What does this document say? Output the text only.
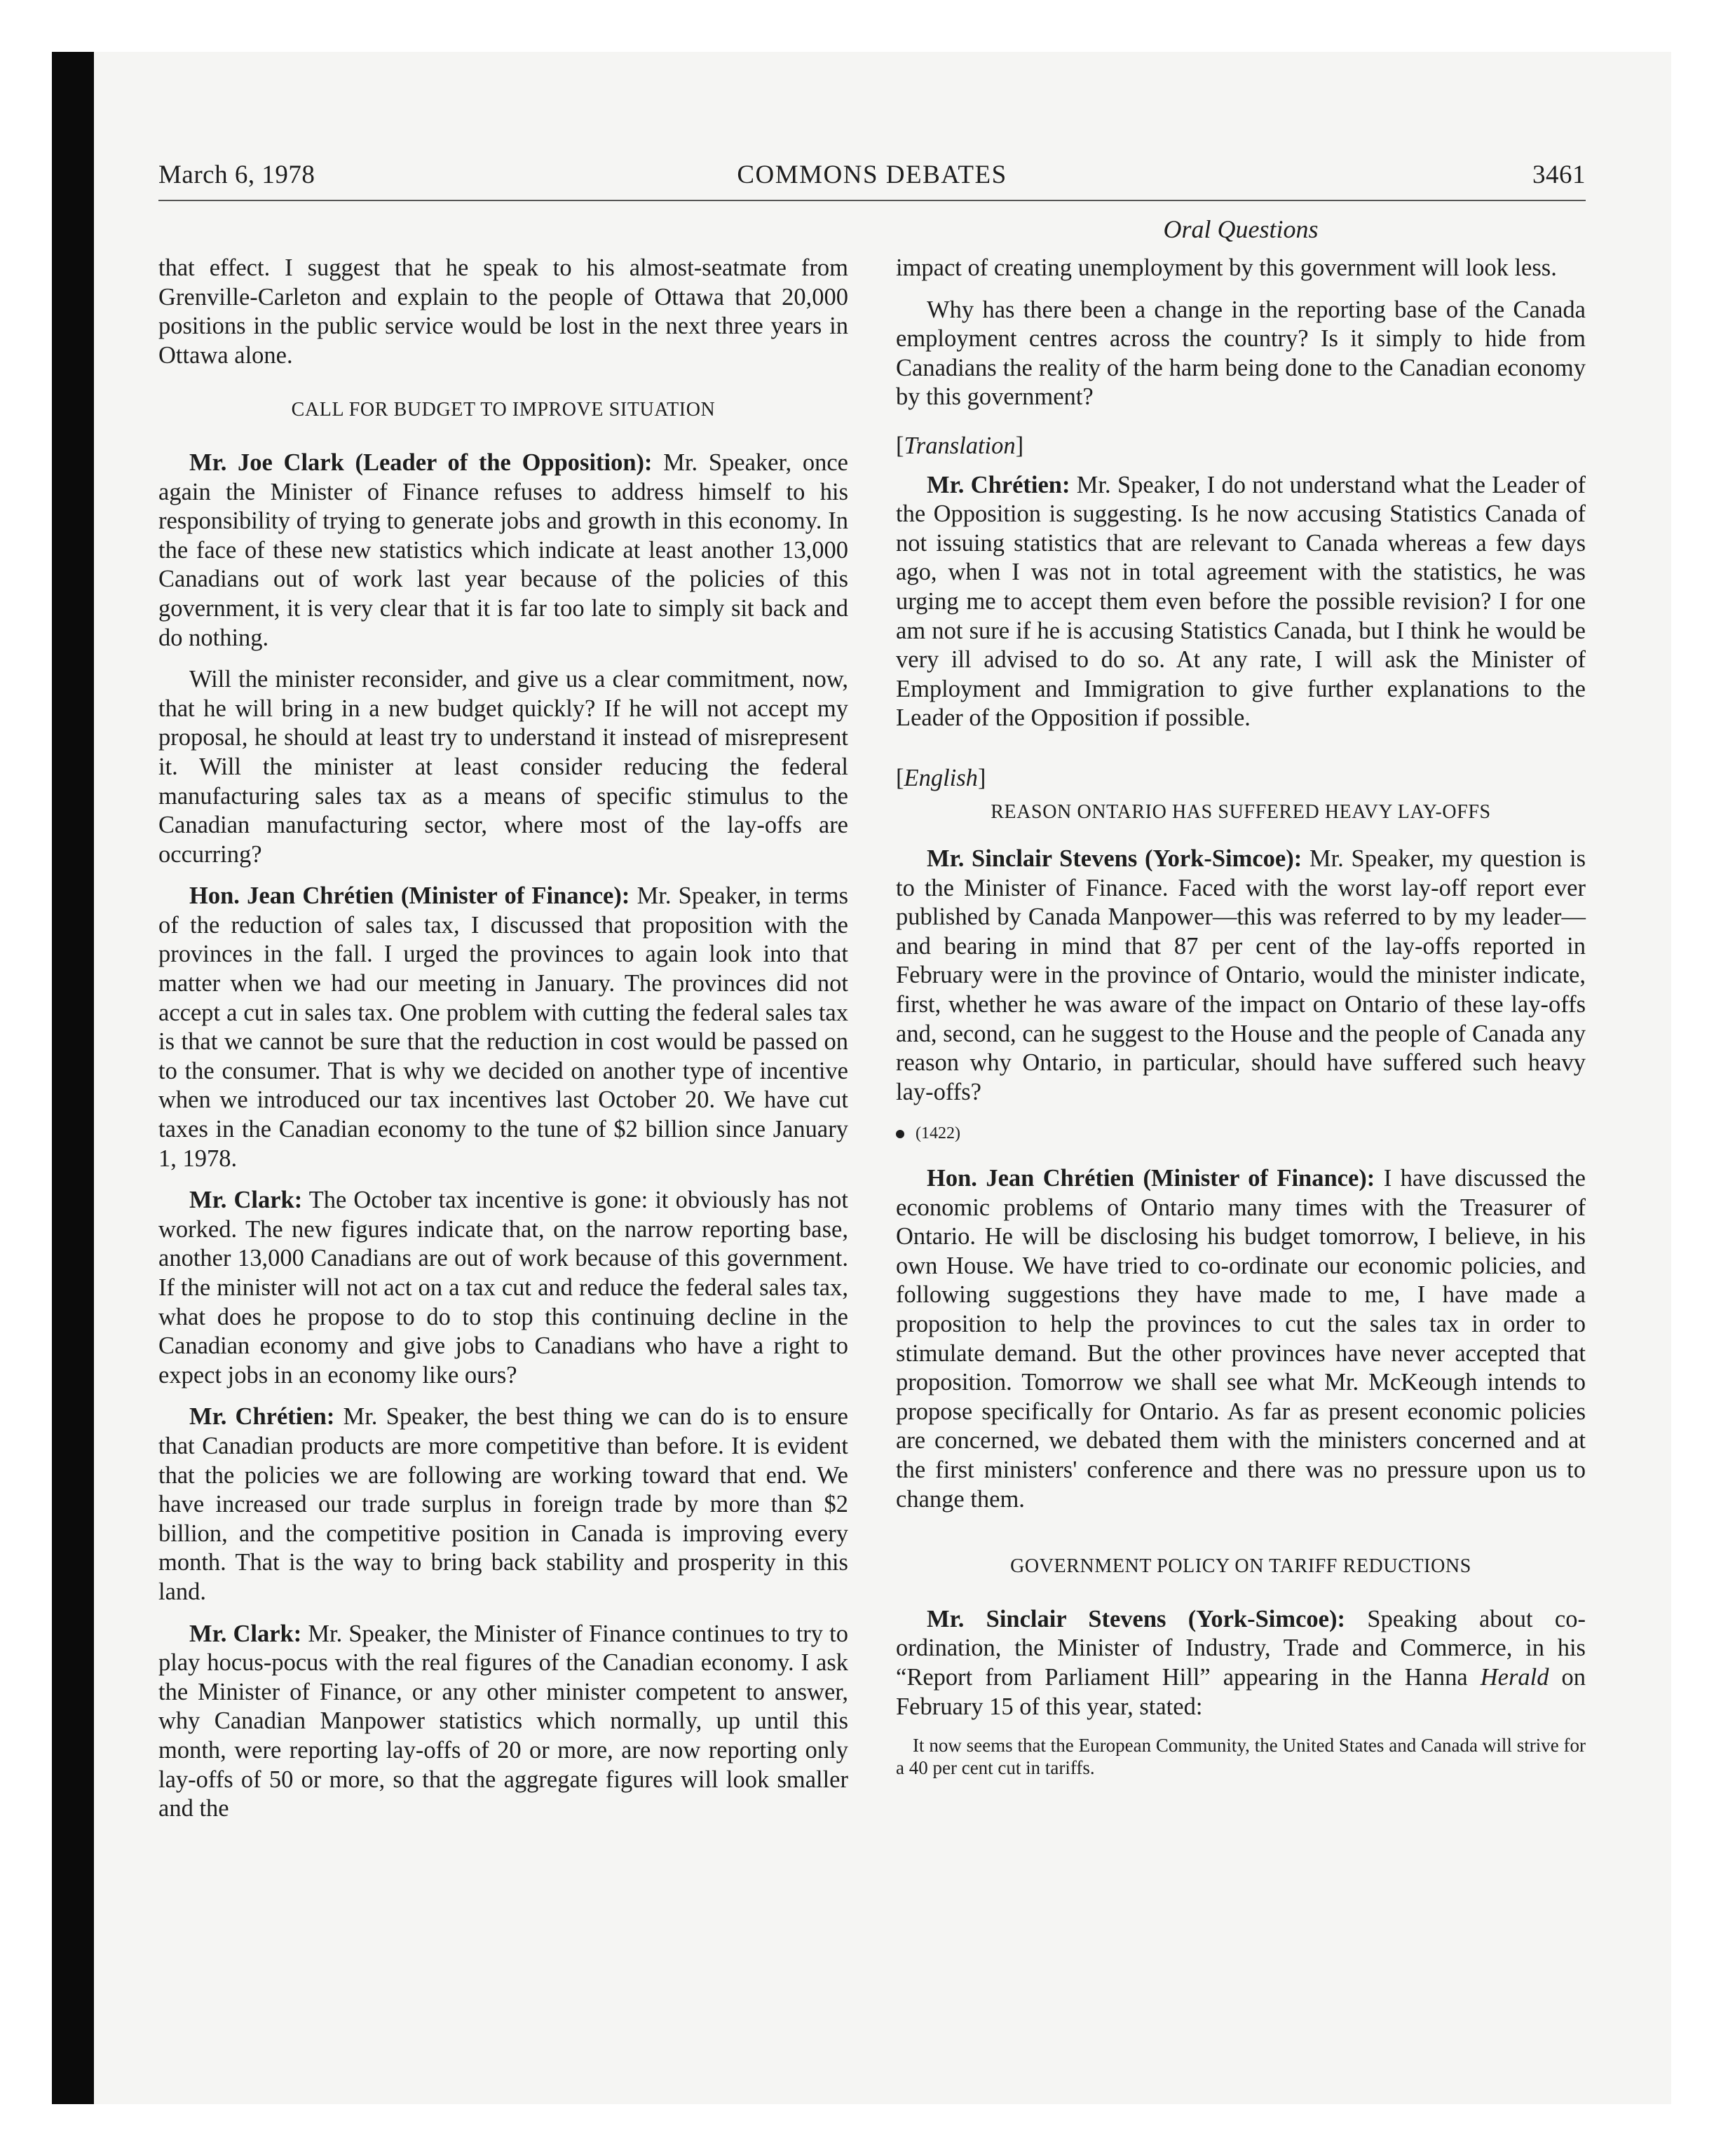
March 6, 1978	COMMONS DEBATES	3461
Oral Questions

that effect. I suggest that he speak to his almost-seatmate from Grenville-Carleton and explain to the people of Ottawa that 20,000 positions in the public service would be lost in the next three years in Ottawa alone.

CALL FOR BUDGET TO IMPROVE SITUATION

Mr. Joe Clark (Leader of the Opposition): Mr. Speaker, once again the Minister of Finance refuses to address himself to his responsibility of trying to generate jobs and growth in this economy. In the face of these new statistics which indicate at least another 13,000 Canadians out of work last year because of the policies of this government, it is very clear that it is far too late to simply sit back and do nothing.

Will the minister reconsider, and give us a clear commitment, now, that he will bring in a new budget quickly? If he will not accept my proposal, he should at least try to understand it instead of misrepresent it. Will the minister at least consider reducing the federal manufacturing sales tax as a means of specific stimulus to the Canadian manufacturing sector, where most of the lay-offs are occurring?

Hon. Jean Chrétien (Minister of Finance): Mr. Speaker, in terms of the reduction of sales tax, I discussed that proposition with the provinces in the fall. I urged the provinces to again look into that matter when we had our meeting in January. The provinces did not accept a cut in sales tax. One problem with cutting the federal sales tax is that we cannot be sure that the reduction in cost would be passed on to the consumer. That is why we decided on another type of incentive when we introduced our tax incentives last October 20. We have cut taxes in the Canadian economy to the tune of $2 billion since January 1, 1978.

Mr. Clark: The October tax incentive is gone: it obviously has not worked. The new figures indicate that, on the narrow reporting base, another 13,000 Canadians are out of work because of this government. If the minister will not act on a tax cut and reduce the federal sales tax, what does he propose to do to stop this continuing decline in the Canadian economy and give jobs to Canadians who have a right to expect jobs in an economy like ours?

Mr. Chrétien: Mr. Speaker, the best thing we can do is to ensure that Canadian products are more competitive than before. It is evident that the policies we are following are working toward that end. We have increased our trade surplus in foreign trade by more than $2 billion, and the competitive position in Canada is improving every month. That is the way to bring back stability and prosperity in this land.

Mr. Clark: Mr. Speaker, the Minister of Finance continues to try to play hocus-pocus with the real figures of the Canadian economy. I ask the Minister of Finance, or any other minister competent to answer, why Canadian Manpower statistics which normally, up until this month, were reporting lay-offs of 20 or more, are now reporting only lay-offs of 50 or more, so that the aggregate figures will look smaller and the

impact of creating unemployment by this government will look less.

Why has there been a change in the reporting base of the Canada employment centres across the country? Is it simply to hide from Canadians the reality of the harm being done to the Canadian economy by this government?

[Translation]

Mr. Chrétien: Mr. Speaker, I do not understand what the Leader of the Opposition is suggesting. Is he now accusing Statistics Canada of not issuing statistics that are relevant to Canada whereas a few days ago, when I was not in total agreement with the statistics, he was urging me to accept them even before the possible revision? I for one am not sure if he is accusing Statistics Canada, but I think he would be very ill advised to do so. At any rate, I will ask the Minister of Employment and Immigration to give further explanations to the Leader of the Opposition if possible.

[English]
REASON ONTARIO HAS SUFFERED HEAVY LAY-OFFS

Mr. Sinclair Stevens (York-Simcoe): Mr. Speaker, my question is to the Minister of Finance. Faced with the worst lay-off report ever published by Canada Manpower—this was referred to by my leader—and bearing in mind that 87 per cent of the lay-offs reported in February were in the province of Ontario, would the minister indicate, first, whether he was aware of the impact on Ontario of these lay-offs and, second, can he suggest to the House and the people of Canada any reason why Ontario, in particular, should have suffered such heavy lay-offs?

(1422)

Hon. Jean Chrétien (Minister of Finance): I have discussed the economic problems of Ontario many times with the Treasurer of Ontario. He will be disclosing his budget tomorrow, I believe, in his own House. We have tried to co-ordinate our economic policies, and following suggestions they have made to me, I have made a proposition to help the provinces to cut the sales tax in order to stimulate demand. But the other provinces have never accepted that proposition. Tomorrow we shall see what Mr. McKeough intends to propose specifically for Ontario. As far as present economic policies are concerned, we debated them with the ministers concerned and at the first ministers' conference and there was no pressure upon us to change them.

GOVERNMENT POLICY ON TARIFF REDUCTIONS

Mr. Sinclair Stevens (York-Simcoe): Speaking about co-ordination, the Minister of Industry, Trade and Commerce, in his “Report from Parliament Hill” appearing in the Hanna Herald on February 15 of this year, stated:

It now seems that the European Community, the United States and Canada will strive for a 40 per cent cut in tariffs.
